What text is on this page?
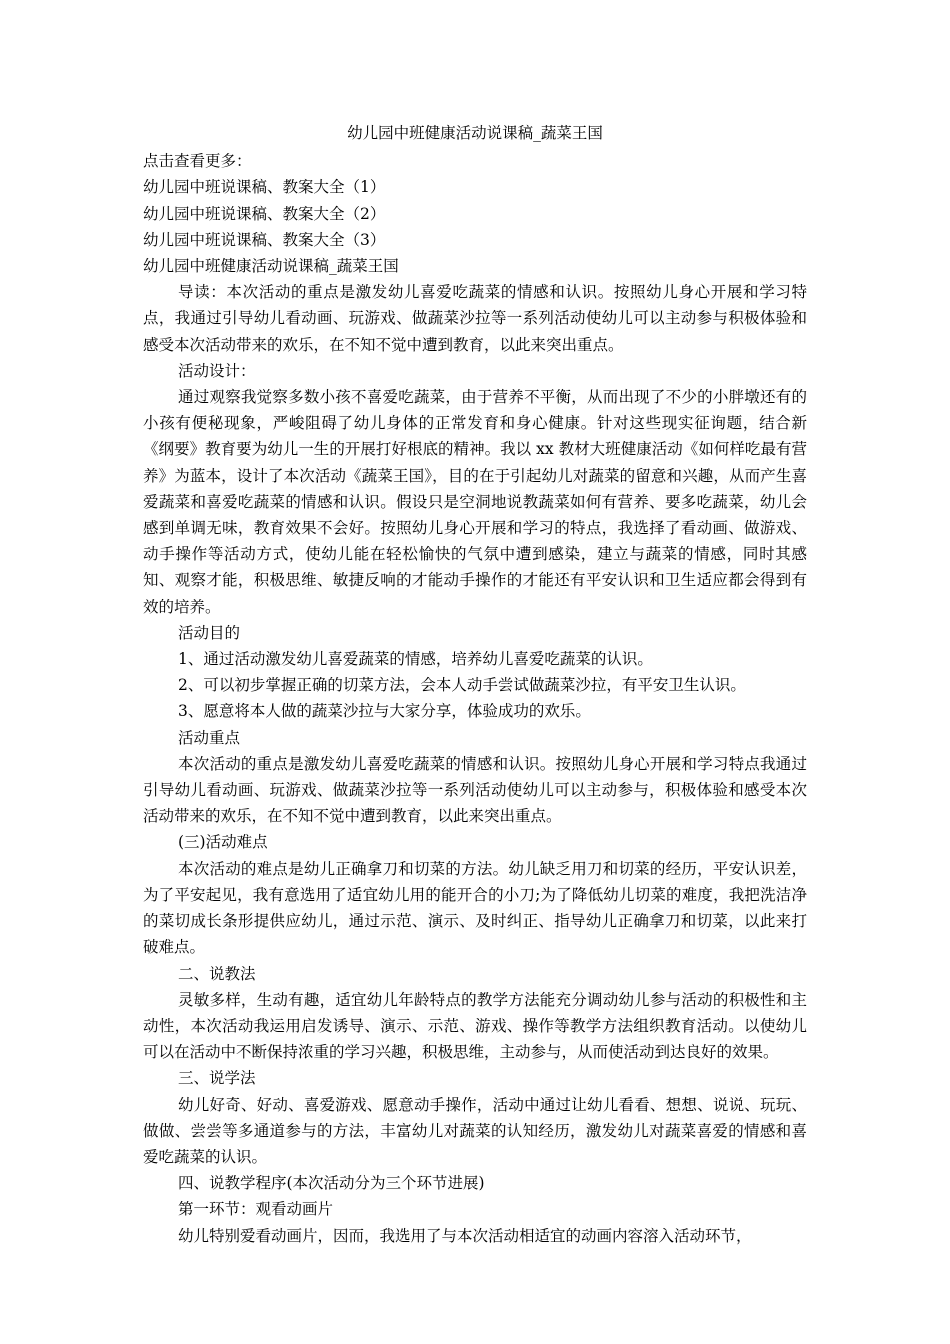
幼儿园中班健康活动说课稿_蔬菜王国

点击查看更多：

幼儿园中班说课稿、教案大全（1）

幼儿园中班说课稿、教案大全（2）

幼儿园中班说课稿、教案大全（3）

幼儿园中班健康活动说课稿_蔬菜王国

导读：本次活动的重点是激发幼儿喜爱吃蔬菜的情感和认识。按照幼儿身心开展和学习特点，我通过引导幼儿看动画、玩游戏、做蔬菜沙拉等一系列活动使幼儿可以主动参与积极体验和感受本次活动带来的欢乐，在不知不觉中遭到教育，以此来突出重点。

活动设计：

通过观察我觉察多数小孩不喜爱吃蔬菜，由于营养不平衡，从而出现了不少的小胖墩还有的小孩有便秘现象，严峻阻碍了幼儿身体的正常发育和身心健康。针对这些现实征询题，结合新《纲要》教育要为幼儿一生的开展打好根底的精神。我以 xx 教材大班健康活动《如何样吃最有营养》为蓝本，设计了本次活动《蔬菜王国》，目的在于引起幼儿对蔬菜的留意和兴趣，从而产生喜爱蔬菜和喜爱吃蔬菜的情感和认识。假设只是空洞地说教蔬菜如何有营养、要多吃蔬菜，幼儿会感到单调无味，教育效果不会好。按照幼儿身心开展和学习的特点，我选择了看动画、做游戏、动手操作等活动方式，使幼儿能在轻松愉快的气氛中遭到感染，建立与蔬菜的情感，同时其感知、观察才能，积极思维、敏捷反响的才能动手操作的才能还有平安认识和卫生适应都会得到有效的培养。

活动目的

1、通过活动激发幼儿喜爱蔬菜的情感，培养幼儿喜爱吃蔬菜的认识。

2、可以初步掌握正确的切菜方法，会本人动手尝试做蔬菜沙拉，有平安卫生认识。

3、愿意将本人做的蔬菜沙拉与大家分享，体验成功的欢乐。

活动重点

本次活动的重点是激发幼儿喜爱吃蔬菜的情感和认识。按照幼儿身心开展和学习特点我通过引导幼儿看动画、玩游戏、做蔬菜沙拉等一系列活动使幼儿可以主动参与，积极体验和感受本次活动带来的欢乐，在不知不觉中遭到教育，以此来突出重点。

(三)活动难点

本次活动的难点是幼儿正确拿刀和切菜的方法。幼儿缺乏用刀和切菜的经历，平安认识差，为了平安起见，我有意选用了适宜幼儿用的能开合的小刀;为了降低幼儿切菜的难度，我把洗洁净的菜切成长条形提供应幼儿，通过示范、演示、及时纠正、指导幼儿正确拿刀和切菜，以此来打破难点。

二、说教法

灵敏多样，生动有趣，适宜幼儿年龄特点的教学方法能充分调动幼儿参与活动的积极性和主动性，本次活动我运用启发诱导、演示、示范、游戏、操作等教学方法组织教育活动。以使幼儿可以在活动中不断保持浓重的学习兴趣，积极思维，主动参与，从而使活动到达良好的效果。

三、说学法

幼儿好奇、好动、喜爱游戏、愿意动手操作，活动中通过让幼儿看看、想想、说说、玩玩、做做、尝尝等多通道参与的方法，丰富幼儿对蔬菜的认知经历，激发幼儿对蔬菜喜爱的情感和喜爱吃蔬菜的认识。

四、说教学程序(本次活动分为三个环节进展)

第一环节：观看动画片

幼儿特别爱看动画片，因而，我选用了与本次活动相适宜的动画内容溶入活动环节，
